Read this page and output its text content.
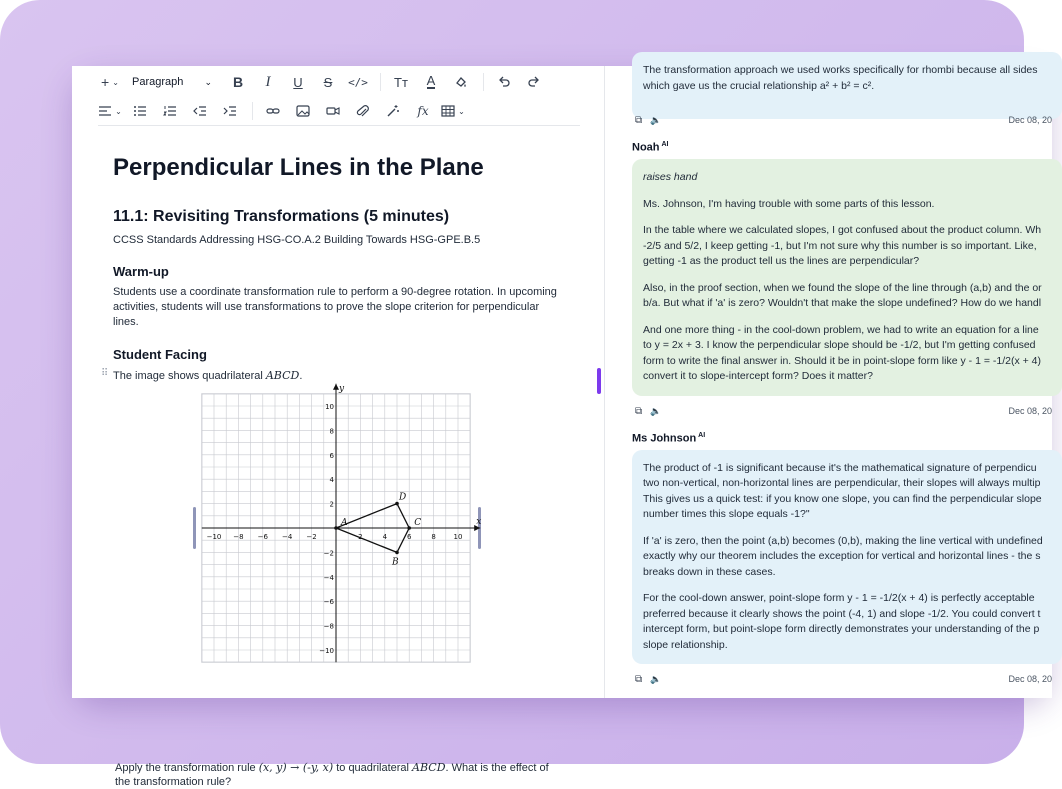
+ ⌄ Paragraph ⌄ B I U S </> Tт A
⌄	fx	⌄
Perpendicular Lines in the Plane
11.1: Revisiting Transformations (5 minutes)
CCSS Standards Addressing HSG-CO.A.2 Building Towards HSG-GPE.B.5
Warm-up
Students use a coordinate transformation rule to perform a 90-degree rotation. In upcoming activities, students will use transformations to prove the slope criterion for perpendicular lines.
Student Facing
The image shows quadrilateral ABCD.
Apply the transformation rule (x, y) → (-y, x) to quadrilateral ABCD. What is the effect of the transformation rule?
⠿
x
y
−10 −8 −6 −4 −2	2	4	6	8	10
10
8
6
4
2
−2
−4
−6
−8
−10
A
B
C
D

The transformation approach we used works specifically for rhombi because all sides

which gave us the crucial relationship a² + b² = c².

⧉ 🔈	Dec 08, 20
Noah $^{AI}$

raises hand

Ms. Johnson, I'm having trouble with some parts of this lesson.

In the table where we calculated slopes, I got confused about the product column. Wh

-2/5 and 5/2, I keep getting -1, but I'm not sure why this number is so important. Like,

getting -1 as the product tell us the lines are perpendicular?

Also, in the proof section, when we found the slope of the line through (a,b) and the or

b/a. But what if 'a' is zero? Wouldn't that make the slope undefined? How do we handl

And one more thing - in the cool-down problem, we had to write an equation for a line

to y = 2x + 3. I know the perpendicular slope should be -1/2, but I'm getting confused

form to write the final answer in. Should it be in point-slope form like y - 1 = -1/2(x + 4)

convert it to slope-intercept form? Does it matter?

⧉ 🔈	Dec 08, 20
Ms Johnson $^{AI}$

The product of -1 is significant because it's the mathematical signature of perpendicu

two non-vertical, non-horizontal lines are perpendicular, their slopes will always multip

This gives us a quick test: if you know one slope, you can find the perpendicular slope

number times this slope equals -1?"

If 'a' is zero, then the point (a,b) becomes (0,b), making the line vertical with undefined

exactly why our theorem includes the exception for vertical and horizontal lines - the s

breaks down in these cases.

For the cool-down answer, point-slope form y - 1 = -1/2(x + 4) is perfectly acceptable

preferred because it clearly shows the point (-4, 1) and slope -1/2. You could convert t

intercept form, but point-slope form directly demonstrates your understanding of the p

slope relationship.

⧉ 🔈	Dec 08, 20
